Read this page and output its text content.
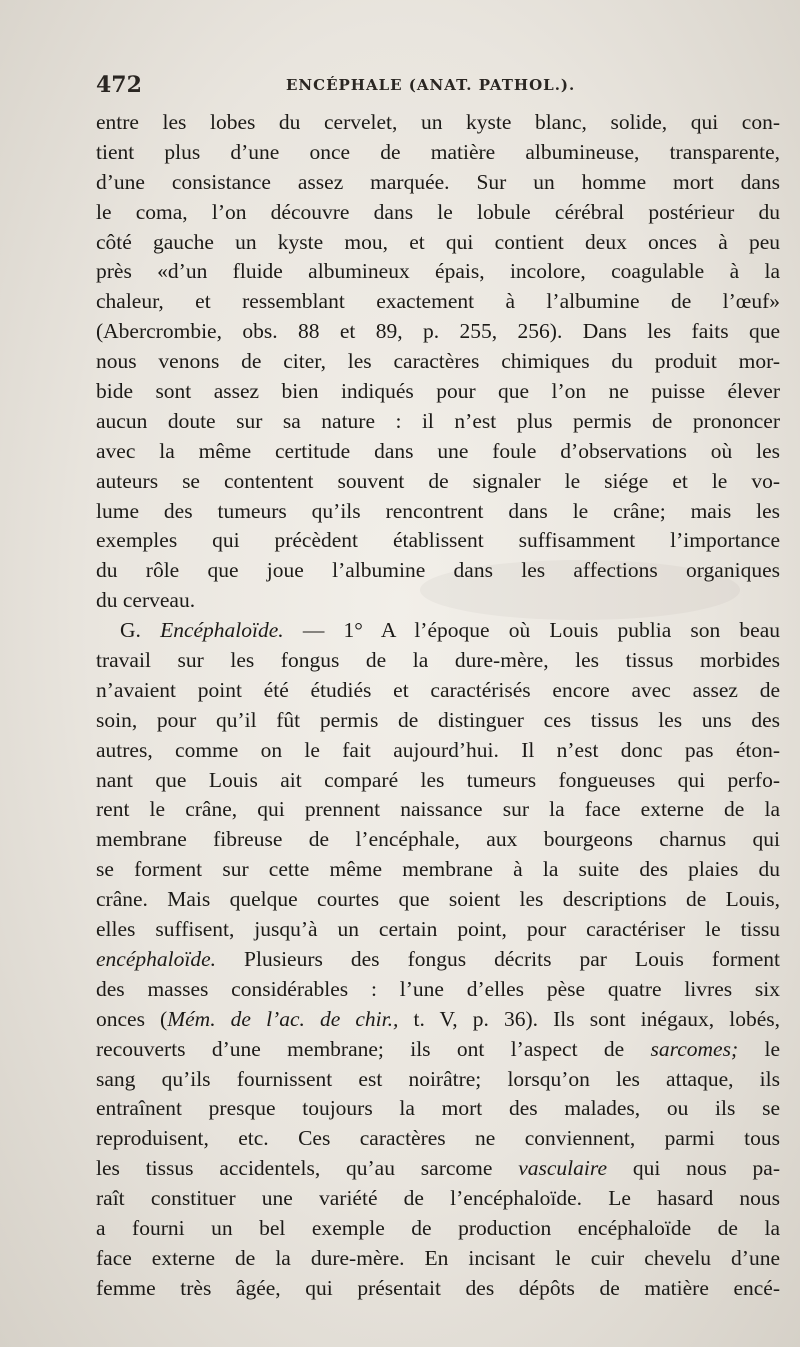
472	ENCÉPHALE (ANAT. PATHOL.).
entre les lobes du cervelet, un kyste blanc, solide, qui con-
tient plus d’une once de matière albumineuse, transparente,
d’une consistance assez marquée. Sur un homme mort dans
le coma, l’on découvre dans le lobule cérébral postérieur du
côté gauche un kyste mou, et qui contient deux onces à peu
près «d’un fluide albumineux épais, incolore, coagulable à la
chaleur, et ressemblant exactement à l’albumine de l’œuf»
(Abercrombie, obs. 88 et 89, p. 255, 256). Dans les faits que
nous venons de citer, les caractères chimiques du produit mor-
bide sont assez bien indiqués pour que l’on ne puisse élever
aucun doute sur sa nature : il n’est plus permis de prononcer
avec la même certitude dans une foule d’observations où les
auteurs se contentent souvent de signaler le siége et le vo-
lume des tumeurs qu’ils rencontrent dans le crâne; mais les
exemples qui précèdent établissent suffisamment l’importance
du rôle que joue l’albumine dans les affections organiques
du cerveau.
G. Encéphaloïde. — 1° A l’époque où Louis publia son beau
travail sur les fongus de la dure-mère, les tissus morbides
n’avaient point été étudiés et caractérisés encore avec assez de
soin, pour qu’il fût permis de distinguer ces tissus les uns des
autres, comme on le fait aujourd’hui. Il n’est donc pas éton-
nant que Louis ait comparé les tumeurs fongueuses qui perfo-
rent le crâne, qui prennent naissance sur la face externe de la
membrane fibreuse de l’encéphale, aux bourgeons charnus qui
se forment sur cette même membrane à la suite des plaies du
crâne. Mais quelque courtes que soient les descriptions de Louis,
elles suffisent, jusqu’à un certain point, pour caractériser le tissu
encéphaloïde. Plusieurs des fongus décrits par Louis forment
des masses considérables : l’une d’elles pèse quatre livres six
onces (Mém. de l’ac. de chir., t. V, p. 36). Ils sont inégaux, lobés,
recouverts d’une membrane; ils ont l’aspect de sarcomes; le
sang qu’ils fournissent est noirâtre; lorsqu’on les attaque, ils
entraînent presque toujours la mort des malades, ou ils se
reproduisent, etc. Ces caractères ne conviennent, parmi tous
les tissus accidentels, qu’au sarcome vasculaire qui nous pa-
raît constituer une variété de l’encéphaloïde. Le hasard nous
a fourni un bel exemple de production encéphaloïde de la
face externe de la dure-mère. En incisant le cuir chevelu d’une
femme très âgée, qui présentait des dépôts de matière encé-
